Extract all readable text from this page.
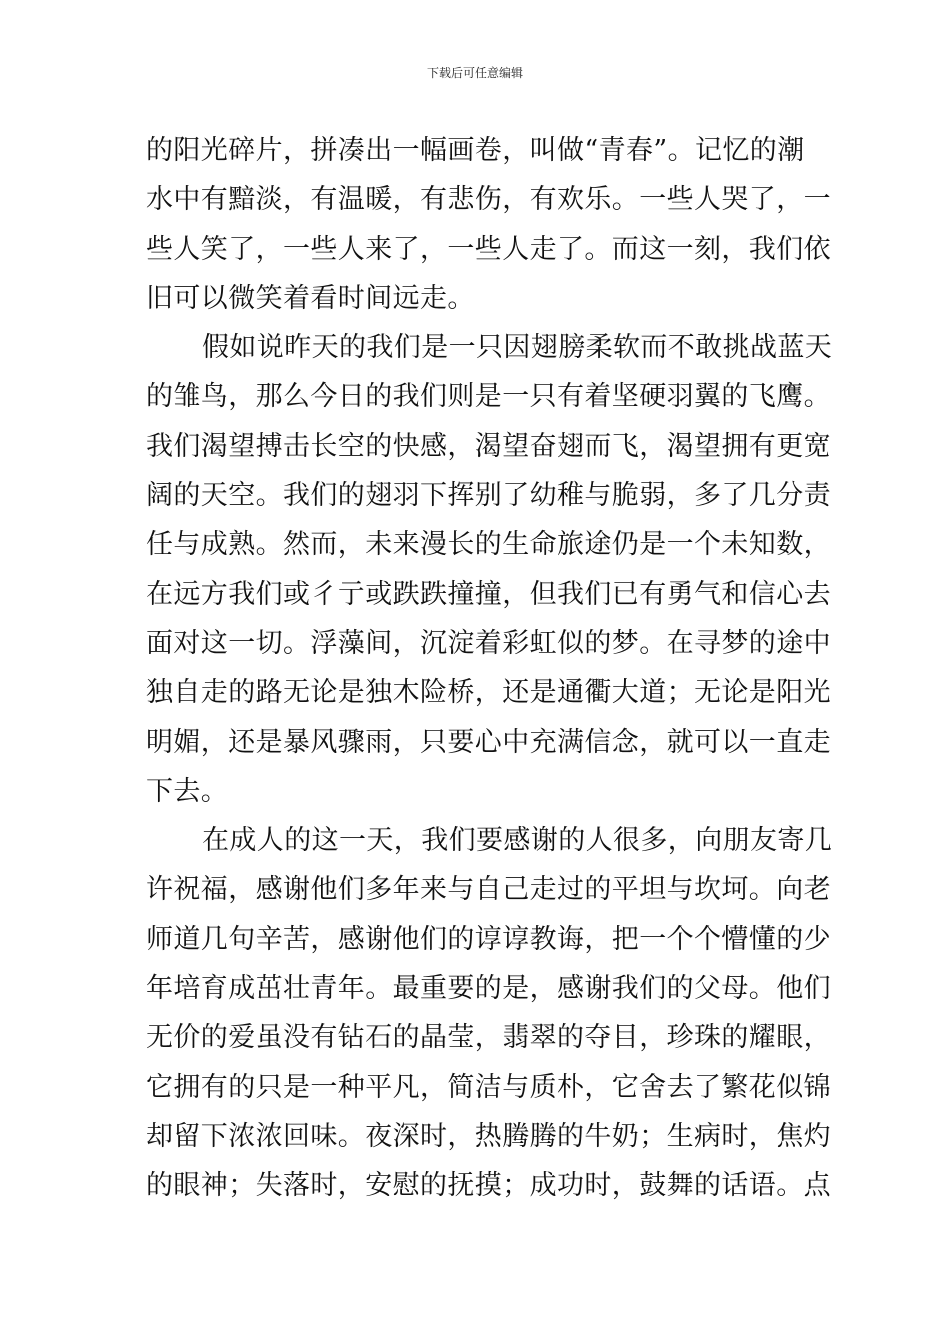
下载后可任意编辑
的阳光碎片，拼凑出一幅画卷，叫做“青春”。记忆的潮
水中有黯淡，有温暖，有悲伤，有欢乐。一些人哭了，一
些人笑了，一些人来了，一些人走了。而这一刻，我们依
旧可以微笑着看时间远走。
假如说昨天的我们是一只因翅膀柔软而不敢挑战蓝天
的雏鸟，那么今日的我们则是一只有着坚硬羽翼的飞鹰。
我们渴望搏击长空的快感，渴望奋翅而飞，渴望拥有更宽
阔的天空。我们的翅羽下挥别了幼稚与脆弱，多了几分责
任与成熟。然而，未来漫长的生命旅途仍是一个未知数，
在远方我们或彳亍或跌跌撞撞，但我们已有勇气和信心去
面对这一切。浮藻间，沉淀着彩虹似的梦。在寻梦的途中
独自走的路无论是独木险桥，还是通衢大道；无论是阳光
明媚，还是暴风骤雨，只要心中充满信念，就可以一直走
下去。
在成人的这一天，我们要感谢的人很多，向朋友寄几
许祝福，感谢他们多年来与自己走过的平坦与坎坷。向老
师道几句辛苦，感谢他们的谆谆教诲，把一个个懵懂的少
年培育成茁壮青年。最重要的是，感谢我们的父母。他们
无价的爱虽没有钻石的晶莹，翡翠的夺目，珍珠的耀眼，
它拥有的只是一种平凡，简洁与质朴，它舍去了繁花似锦
却留下浓浓回味。夜深时，热腾腾的牛奶；生病时，焦灼
的眼神；失落时，安慰的抚摸；成功时，鼓舞的话语。点
